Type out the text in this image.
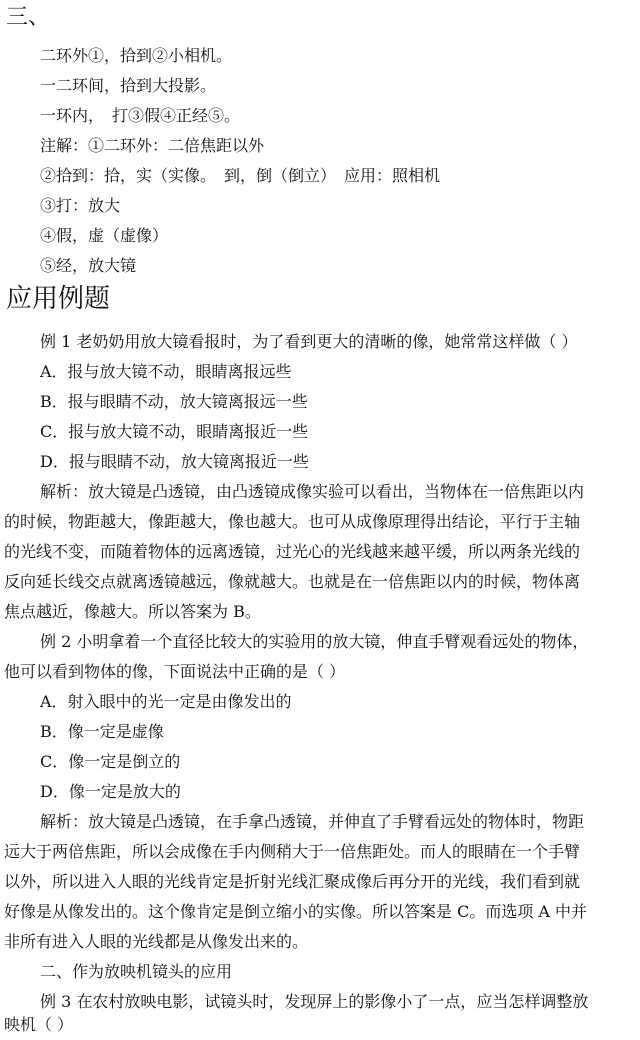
三、

二环外①，拾到②小相机。

一二环间，拾到大投影。

一环内，　打③假④正经⑤。

注解：①二环外：二倍焦距以外

②拾到：拾，实（实像。　到，倒（倒立）　应用：照相机

③打：放大

④假，虚（虚像）

⑤经，放大镜

应用例题

例 1 老奶奶用放大镜看报时，为了看到更大的清晰的像，她常常这样做（ ）

A．报与放大镜不动，眼睛离报远些

B．报与眼睛不动，放大镜离报远一些

C．报与放大镜不动，眼睛离报近一些

D．报与眼睛不动，放大镜离报近一些

解析：放大镜是凸透镜，由凸透镜成像实验可以看出，当物体在一倍焦距以内

的时候，物距越大，像距越大，像也越大。也可从成像原理得出结论，平行于主轴

的光线不变，而随着物体的远离透镜，过光心的光线越来越平缓，所以两条光线的

反向延长线交点就离透镜越远，像就越大。也就是在一倍焦距以内的时候，物体离

焦点越近，像越大。所以答案为 B。

例 2 小明拿着一个直径比较大的实验用的放大镜，伸直手臂观看远处的物体，

他可以看到物体的像，下面说法中正确的是（ ）

A．射入眼中的光一定是由像发出的

B．像一定是虚像

C．像一定是倒立的

D．像一定是放大的

解析：放大镜是凸透镜，在手拿凸透镜，并伸直了手臂看远处的物体时，物距

远大于两倍焦距，所以会成像在手内侧稍大于一倍焦距处。而人的眼睛在一个手臂

以外，所以进入人眼的光线肯定是折射光线汇聚成像后再分开的光线，我们看到就

好像是从像发出的。这个像肯定是倒立缩小的实像。所以答案是 C。而选项 A 中并

非所有进入人眼的光线都是从像发出来的。

二、作为放映机镜头的应用

例 3 在农村放映电影，试镜头时，发现屏上的影像小了一点，应当怎样调整放

映机（ ）
